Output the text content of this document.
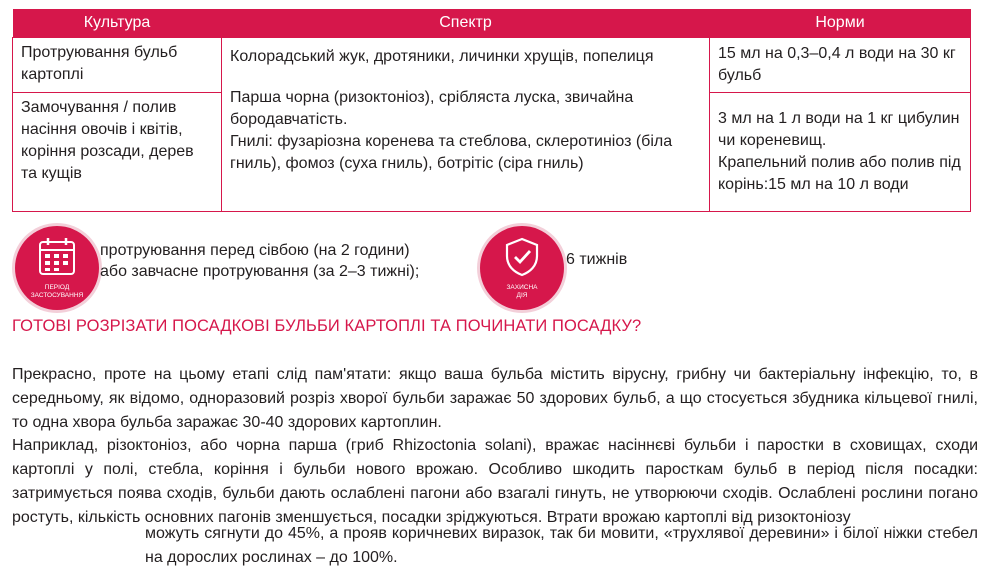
Культура	Спектр	Норми
Протруювання бульб картоплі	Колорадський жук, дротяники, личинки хрущів, попелиця
Парша чорна (ризоктоніоз), срібляста луска, звичайна бородавчатість.
Гнилі: фузаріозна коренева та стеблова, склеротиніоз (біла гниль), фомоз (суха гниль), ботрітіс (сіра гниль)	15 мл на 0,3–0,4 л води на 30 кг бульб
Замочування / полив насіння овочів і квітів, коріння розсади, дерев та кущів		3 мл на 1 л води на 1 кг цибулин чи кореневищ.
Крапельний полив або полив під корінь:15 мл на 10 л води
ПЕРІОД
ЗАСТОСУВАННЯ
протруювання перед сівбою (на 2 години)
або завчасне протруювання (за 2–3 тижні);
ЗАХИСНА
ДІЯ
6 тижнів
ГОТОВІ РОЗРІЗАТИ ПОСАДКОВІ БУЛЬБИ КАРТОПЛІ ТА ПОЧИНАТИ ПОСАДКУ?

Прекрасно, проте на цьому етапі слід пам'ятати: якщо ваша бульба містить вірусну, грибну чи бактеріальну інфекцію, то, в середньому, як відомо, одноразовий розріз хворої бульби заражає 50 здорових бульб, а що стосується збудника кільцевої гнилі, то одна хвора бульба заражає 30-40 здорових картоплин.

Наприклад, різоктоніоз, або чорна парша (гриб Rhizoctonia solani), вражає насіннєві бульби і паростки в сховищах, сходи картоплі у полі, стебла, коріння і бульби нового врожаю. Особливо шкодить паросткам бульб в період після посадки: затримується поява сходів, бульби дають ослаблені пагони або взагалі гинуть, не утворюючи сходів. Ослаблені рослини погано ростуть, кількість основних пагонів зменшується, посадки зріджуються. Втрати врожаю картоплі від ризоктоніозу

можуть сягнути до 45%, а прояв коричневих виразок, так би мовити, «трухлявої деревини» і білої ніжки стебел на дорослих рослинах – до 100%.
